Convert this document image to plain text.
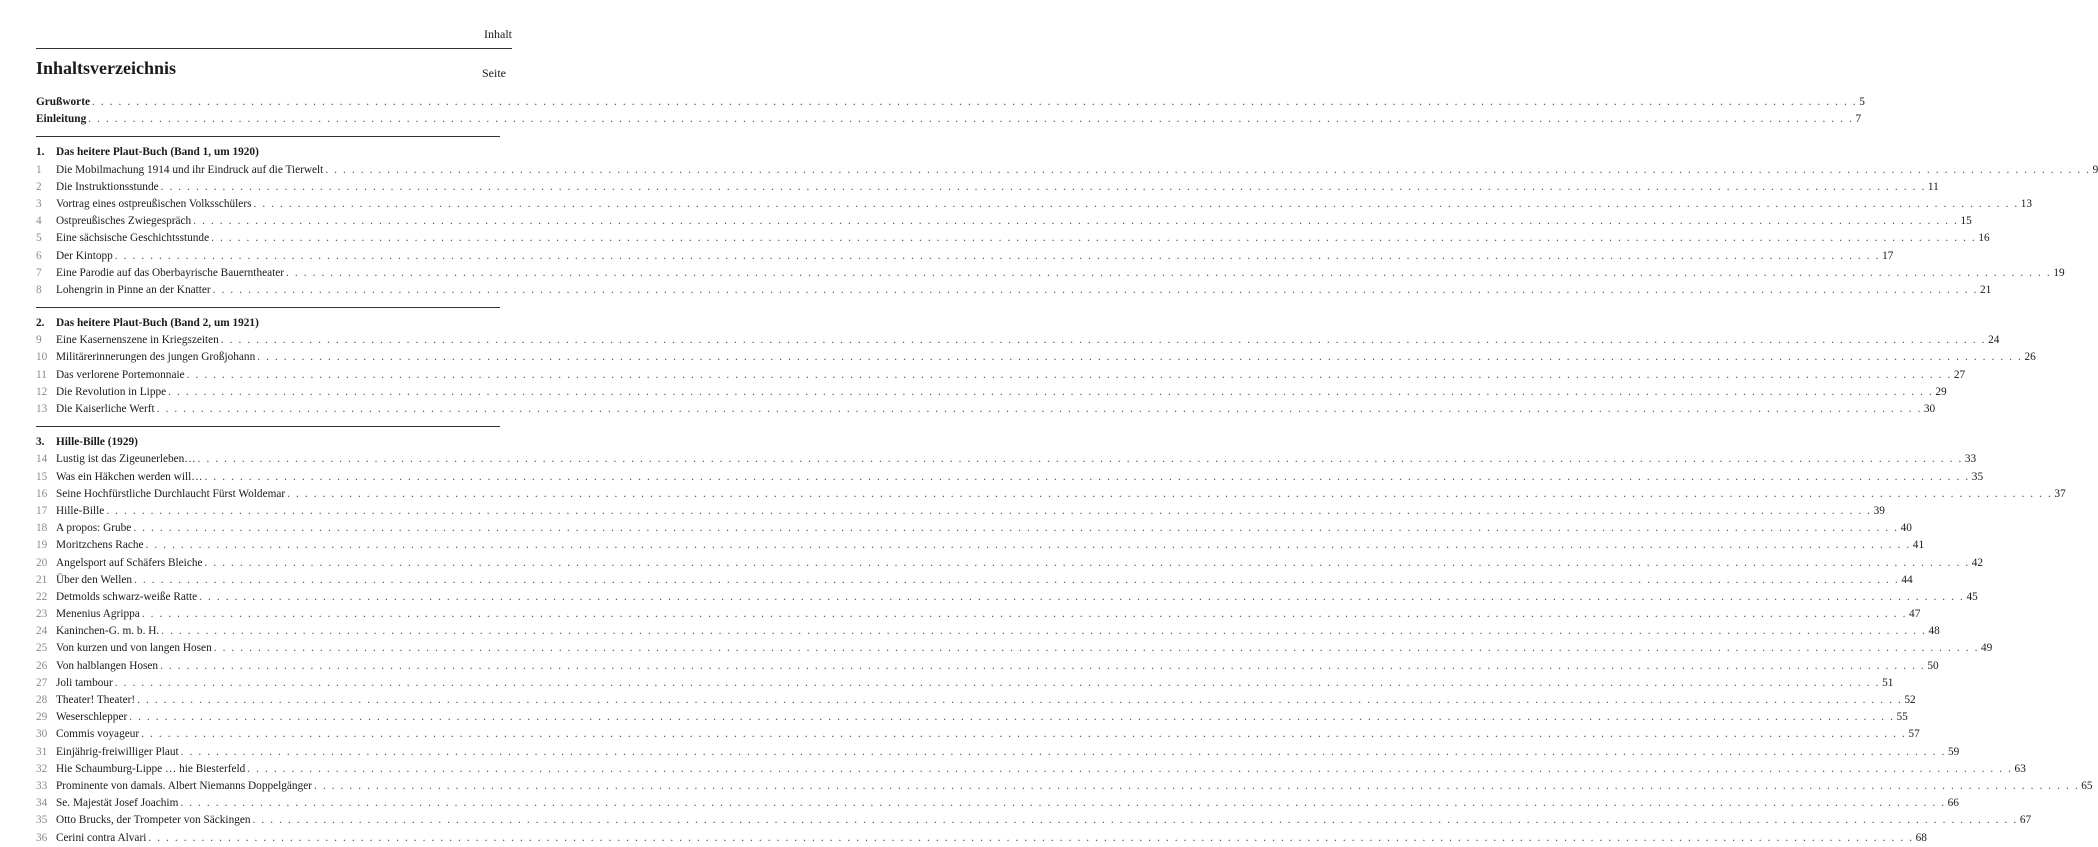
Inhalt
Inhaltsverzeichnis	Seite
Grußworte . . . . . . . . . . . . . . . . . . . . . . . . . . . . . . . . . . . . . . . . . . . . . . . . . . . . . . . . . . . . . . . . . . . . . . . . . . . . . . . . . . . . . . . . . . . . . . . . . . . . . . . . . . . . . . . . . . . . . . . . . . . . . . . . . . . . . . . . . . . . . . . . . . . . . . . . . . . . . . . . . . . . . . . . . . . . . . . . . . . . . . . . . . . . . . . . . . . . . . . . 5
Einleitung . . . . . . . . . . . . . . . . . . . . . . . . . . . . . . . . . . . . . . . . . . . . . . . . . . . . . . . . . . . . . . . . . . . . . . . . . . . . . . . . . . . . . . . . . . . . . . . . . . . . . . . . . . . . . . . . . . . . . . . . . . . . . . . . . . . . . . . . . . . . . . . . . . . . . . . . . . . . . . . . . . . . . . . . . . . . . . . . . . . . . . . . . . . . . . . . . . . . . . . . 7
1.	Das heitere Plaut-Buch (Band 1, um 1920)
1	Die Mobilmachung 1914 und ihr Eindruck auf die Tierwelt . . . . . . . . . . . . . . . . . . . . . . . . . . . . . . . . . . . . . . . . . . . . . . . . . . . . . . . . . . . . . . . . . . . . . . . . . . . . . . . . . . . . . . . . . . . . . . . . . . . . . . . . . . . . . . . . . . . . . . . . . . . . . . . . . . . . . . . . . . . . . . . . . . . . . . . . . . . . . . . . . . . . . . . . . . . . . . . . . . . . . . . . . . . . . . . . . . . . . . . . 9
2	Die Instruktionsstunde . . . . . . . . . . . . . . . . . . . . . . . . . . . . . . . . . . . . . . . . . . . . . . . . . . . . . . . . . . . . . . . . . . . . . . . . . . . . . . . . . . . . . . . . . . . . . . . . . . . . . . . . . . . . . . . . . . . . . . . . . . . . . . . . . . . . . . . . . . . . . . . . . . . . . . . . . . . . . . . . . . . . . . . . . . . . . . . . . . . . . . . . . . . . . . . . . . . . . . . . 11
3	Vortrag eines ostpreußischen Volksschülers . . . . . . . . . . . . . . . . . . . . . . . . . . . . . . . . . . . . . . . . . . . . . . . . . . . . . . . . . . . . . . . . . . . . . . . . . . . . . . . . . . . . . . . . . . . . . . . . . . . . . . . . . . . . . . . . . . . . . . . . . . . . . . . . . . . . . . . . . . . . . . . . . . . . . . . . . . . . . . . . . . . . . . . . . . . . . . . . . . . . . . . . . . . . . . . . . . . . . . . . 13
4	Ostpreußisches Zwiegespräch . . . . . . . . . . . . . . . . . . . . . . . . . . . . . . . . . . . . . . . . . . . . . . . . . . . . . . . . . . . . . . . . . . . . . . . . . . . . . . . . . . . . . . . . . . . . . . . . . . . . . . . . . . . . . . . . . . . . . . . . . . . . . . . . . . . . . . . . . . . . . . . . . . . . . . . . . . . . . . . . . . . . . . . . . . . . . . . . . . . . . . . . . . . . . . . . . . . . . . . . 15
5	Eine sächsische Geschichtsstunde . . . . . . . . . . . . . . . . . . . . . . . . . . . . . . . . . . . . . . . . . . . . . . . . . . . . . . . . . . . . . . . . . . . . . . . . . . . . . . . . . . . . . . . . . . . . . . . . . . . . . . . . . . . . . . . . . . . . . . . . . . . . . . . . . . . . . . . . . . . . . . . . . . . . . . . . . . . . . . . . . . . . . . . . . . . . . . . . . . . . . . . . . . . . . . . . . . . . . . . . 16
6	Der Kintopp . . . . . . . . . . . . . . . . . . . . . . . . . . . . . . . . . . . . . . . . . . . . . . . . . . . . . . . . . . . . . . . . . . . . . . . . . . . . . . . . . . . . . . . . . . . . . . . . . . . . . . . . . . . . . . . . . . . . . . . . . . . . . . . . . . . . . . . . . . . . . . . . . . . . . . . . . . . . . . . . . . . . . . . . . . . . . . . . . . . . . . . . . . . . . . . . . . . . . . . . 17
7	Eine Parodie auf das Oberbayrische Bauerntheater . . . . . . . . . . . . . . . . . . . . . . . . . . . . . . . . . . . . . . . . . . . . . . . . . . . . . . . . . . . . . . . . . . . . . . . . . . . . . . . . . . . . . . . . . . . . . . . . . . . . . . . . . . . . . . . . . . . . . . . . . . . . . . . . . . . . . . . . . . . . . . . . . . . . . . . . . . . . . . . . . . . . . . . . . . . . . . . . . . . . . . . . . . . . . . . . . . . . . . . . 19
8	Lohengrin in Pinne an der Knatter . . . . . . . . . . . . . . . . . . . . . . . . . . . . . . . . . . . . . . . . . . . . . . . . . . . . . . . . . . . . . . . . . . . . . . . . . . . . . . . . . . . . . . . . . . . . . . . . . . . . . . . . . . . . . . . . . . . . . . . . . . . . . . . . . . . . . . . . . . . . . . . . . . . . . . . . . . . . . . . . . . . . . . . . . . . . . . . . . . . . . . . . . . . . . . . . . . . . . . . . 21
2.	Das heitere Plaut-Buch (Band 2, um 1921)
9	Eine Kasernenszene in Kriegszeiten . . . . . . . . . . . . . . . . . . . . . . . . . . . . . . . . . . . . . . . . . . . . . . . . . . . . . . . . . . . . . . . . . . . . . . . . . . . . . . . . . . . . . . . . . . . . . . . . . . . . . . . . . . . . . . . . . . . . . . . . . . . . . . . . . . . . . . . . . . . . . . . . . . . . . . . . . . . . . . . . . . . . . . . . . . . . . . . . . . . . . . . . . . . . . . . . . . . . . . . . 24
10 Militärerinnerungen des jungen Großjohann . . . . . . . . . . . . . . . . . . . . . . . . . . . . . . . . . . . . . . . . . . . . . . . . . . . . . . . . . . . . . . . . . . . . . . . . . . . . . . . . . . . . . . . . . . . . . . . . . . . . . . . . . . . . . . . . . . . . . . . . . . . . . . . . . . . . . . . . . . . . . . . . . . . . . . . . . . . . . . . . . . . . . . . . . . . . . . . . . . . . . . . . . . . . . . . . . . . . . . . . 26
11 Das verlorene Portemonnaie . . . . . . . . . . . . . . . . . . . . . . . . . . . . . . . . . . . . . . . . . . . . . . . . . . . . . . . . . . . . . . . . . . . . . . . . . . . . . . . . . . . . . . . . . . . . . . . . . . . . . . . . . . . . . . . . . . . . . . . . . . . . . . . . . . . . . . . . . . . . . . . . . . . . . . . . . . . . . . . . . . . . . . . . . . . . . . . . . . . . . . . . . . . . . . . . . . . . . . . . 27
12 Die Revolution in Lippe . . . . . . . . . . . . . . . . . . . . . . . . . . . . . . . . . . . . . . . . . . . . . . . . . . . . . . . . . . . . . . . . . . . . . . . . . . . . . . . . . . . . . . . . . . . . . . . . . . . . . . . . . . . . . . . . . . . . . . . . . . . . . . . . . . . . . . . . . . . . . . . . . . . . . . . . . . . . . . . . . . . . . . . . . . . . . . . . . . . . . . . . . . . . . . . . . . . . . . . . 29
13 Die Kaiserliche Werft . . . . . . . . . . . . . . . . . . . . . . . . . . . . . . . . . . . . . . . . . . . . . . . . . . . . . . . . . . . . . . . . . . . . . . . . . . . . . . . . . . . . . . . . . . . . . . . . . . . . . . . . . . . . . . . . . . . . . . . . . . . . . . . . . . . . . . . . . . . . . . . . . . . . . . . . . . . . . . . . . . . . . . . . . . . . . . . . . . . . . . . . . . . . . . . . . . . . . . . . 30
3.	Hille-Bille (1929)
14 Lustig ist das Zigeunerleben… . . . . . . . . . . . . . . . . . . . . . . . . . . . . . . . . . . . . . . . . . . . . . . . . . . . . . . . . . . . . . . . . . . . . . . . . . . . . . . . . . . . . . . . . . . . . . . . . . . . . . . . . . . . . . . . . . . . . . . . . . . . . . . . . . . . . . . . . . . . . . . . . . . . . . . . . . . . . . . . . . . . . . . . . . . . . . . . . . . . . . . . . . . . . . . . . . . . . . . . . 33
15 Was ein Häkchen werden will… . . . . . . . . . . . . . . . . . . . . . . . . . . . . . . . . . . . . . . . . . . . . . . . . . . . . . . . . . . . . . . . . . . . . . . . . . . . . . . . . . . . . . . . . . . . . . . . . . . . . . . . . . . . . . . . . . . . . . . . . . . . . . . . . . . . . . . . . . . . . . . . . . . . . . . . . . . . . . . . . . . . . . . . . . . . . . . . . . . . . . . . . . . . . . . . . . . . . . . . . 35
16 Seine Hochfürstliche Durchlaucht Fürst Woldemar . . . . . . . . . . . . . . . . . . . . . . . . . . . . . . . . . . . . . . . . . . . . . . . . . . . . . . . . . . . . . . . . . . . . . . . . . . . . . . . . . . . . . . . . . . . . . . . . . . . . . . . . . . . . . . . . . . . . . . . . . . . . . . . . . . . . . . . . . . . . . . . . . . . . . . . . . . . . . . . . . . . . . . . . . . . . . . . . . . . . . . . . . . . . . . . . . . . . . . . . 37
17 Hille-Bille . . . . . . . . . . . . . . . . . . . . . . . . . . . . . . . . . . . . . . . . . . . . . . . . . . . . . . . . . . . . . . . . . . . . . . . . . . . . . . . . . . . . . . . . . . . . . . . . . . . . . . . . . . . . . . . . . . . . . . . . . . . . . . . . . . . . . . . . . . . . . . . . . . . . . . . . . . . . . . . . . . . . . . . . . . . . . . . . . . . . . . . . . . . . . . . . . . . . . . . . 39
18 A propos: Grube . . . . . . . . . . . . . . . . . . . . . . . . . . . . . . . . . . . . . . . . . . . . . . . . . . . . . . . . . . . . . . . . . . . . . . . . . . . . . . . . . . . . . . . . . . . . . . . . . . . . . . . . . . . . . . . . . . . . . . . . . . . . . . . . . . . . . . . . . . . . . . . . . . . . . . . . . . . . . . . . . . . . . . . . . . . . . . . . . . . . . . . . . . . . . . . . . . . . . . . . 40
19 Moritzchens Rache . . . . . . . . . . . . . . . . . . . . . . . . . . . . . . . . . . . . . . . . . . . . . . . . . . . . . . . . . . . . . . . . . . . . . . . . . . . . . . . . . . . . . . . . . . . . . . . . . . . . . . . . . . . . . . . . . . . . . . . . . . . . . . . . . . . . . . . . . . . . . . . . . . . . . . . . . . . . . . . . . . . . . . . . . . . . . . . . . . . . . . . . . . . . . . . . . . . . . . . . 41
20 Angelsport auf Schäfers Bleiche . . . . . . . . . . . . . . . . . . . . . . . . . . . . . . . . . . . . . . . . . . . . . . . . . . . . . . . . . . . . . . . . . . . . . . . . . . . . . . . . . . . . . . . . . . . . . . . . . . . . . . . . . . . . . . . . . . . . . . . . . . . . . . . . . . . . . . . . . . . . . . . . . . . . . . . . . . . . . . . . . . . . . . . . . . . . . . . . . . . . . . . . . . . . . . . . . . . . . . . . 42
21 Über den Wellen . . . . . . . . . . . . . . . . . . . . . . . . . . . . . . . . . . . . . . . . . . . . . . . . . . . . . . . . . . . . . . . . . . . . . . . . . . . . . . . . . . . . . . . . . . . . . . . . . . . . . . . . . . . . . . . . . . . . . . . . . . . . . . . . . . . . . . . . . . . . . . . . . . . . . . . . . . . . . . . . . . . . . . . . . . . . . . . . . . . . . . . . . . . . . . . . . . . . . . . . 44
22 Detmolds schwarz-weiße Ratte . . . . . . . . . . . . . . . . . . . . . . . . . . . . . . . . . . . . . . . . . . . . . . . . . . . . . . . . . . . . . . . . . . . . . . . . . . . . . . . . . . . . . . . . . . . . . . . . . . . . . . . . . . . . . . . . . . . . . . . . . . . . . . . . . . . . . . . . . . . . . . . . . . . . . . . . . . . . . . . . . . . . . . . . . . . . . . . . . . . . . . . . . . . . . . . . . . . . . . . . 45
23 Menenius Agrippa . . . . . . . . . . . . . . . . . . . . . . . . . . . . . . . . . . . . . . . . . . . . . . . . . . . . . . . . . . . . . . . . . . . . . . . . . . . . . . . . . . . . . . . . . . . . . . . . . . . . . . . . . . . . . . . . . . . . . . . . . . . . . . . . . . . . . . . . . . . . . . . . . . . . . . . . . . . . . . . . . . . . . . . . . . . . . . . . . . . . . . . . . . . . . . . . . . . . . . . . 47
24 Kaninchen-G. m. b. H. . . . . . . . . . . . . . . . . . . . . . . . . . . . . . . . . . . . . . . . . . . . . . . . . . . . . . . . . . . . . . . . . . . . . . . . . . . . . . . . . . . . . . . . . . . . . . . . . . . . . . . . . . . . . . . . . . . . . . . . . . . . . . . . . . . . . . . . . . . . . . . . . . . . . . . . . . . . . . . . . . . . . . . . . . . . . . . . . . . . . . . . . . . . . . . . . . . . . . . . . 48
25 Von kurzen und von langen Hosen . . . . . . . . . . . . . . . . . . . . . . . . . . . . . . . . . . . . . . . . . . . . . . . . . . . . . . . . . . . . . . . . . . . . . . . . . . . . . . . . . . . . . . . . . . . . . . . . . . . . . . . . . . . . . . . . . . . . . . . . . . . . . . . . . . . . . . . . . . . . . . . . . . . . . . . . . . . . . . . . . . . . . . . . . . . . . . . . . . . . . . . . . . . . . . . . . . . . . . . . 49
26 Von halblangen Hosen . . . . . . . . . . . . . . . . . . . . . . . . . . . . . . . . . . . . . . . . . . . . . . . . . . . . . . . . . . . . . . . . . . . . . . . . . . . . . . . . . . . . . . . . . . . . . . . . . . . . . . . . . . . . . . . . . . . . . . . . . . . . . . . . . . . . . . . . . . . . . . . . . . . . . . . . . . . . . . . . . . . . . . . . . . . . . . . . . . . . . . . . . . . . . . . . . . . . . . . . 50
27 Joli tambour . . . . . . . . . . . . . . . . . . . . . . . . . . . . . . . . . . . . . . . . . . . . . . . . . . . . . . . . . . . . . . . . . . . . . . . . . . . . . . . . . . . . . . . . . . . . . . . . . . . . . . . . . . . . . . . . . . . . . . . . . . . . . . . . . . . . . . . . . . . . . . . . . . . . . . . . . . . . . . . . . . . . . . . . . . . . . . . . . . . . . . . . . . . . . . . . . . . . . . . . 51
28 Theater! Theater! . . . . . . . . . . . . . . . . . . . . . . . . . . . . . . . . . . . . . . . . . . . . . . . . . . . . . . . . . . . . . . . . . . . . . . . . . . . . . . . . . . . . . . . . . . . . . . . . . . . . . . . . . . . . . . . . . . . . . . . . . . . . . . . . . . . . . . . . . . . . . . . . . . . . . . . . . . . . . . . . . . . . . . . . . . . . . . . . . . . . . . . . . . . . . . . . . . . . . . . . 52
29 Weserschlepper . . . . . . . . . . . . . . . . . . . . . . . . . . . . . . . . . . . . . . . . . . . . . . . . . . . . . . . . . . . . . . . . . . . . . . . . . . . . . . . . . . . . . . . . . . . . . . . . . . . . . . . . . . . . . . . . . . . . . . . . . . . . . . . . . . . . . . . . . . . . . . . . . . . . . . . . . . . . . . . . . . . . . . . . . . . . . . . . . . . . . . . . . . . . . . . . . . . . . . . . 55
30 Commis voyageur . . . . . . . . . . . . . . . . . . . . . . . . . . . . . . . . . . . . . . . . . . . . . . . . . . . . . . . . . . . . . . . . . . . . . . . . . . . . . . . . . . . . . . . . . . . . . . . . . . . . . . . . . . . . . . . . . . . . . . . . . . . . . . . . . . . . . . . . . . . . . . . . . . . . . . . . . . . . . . . . . . . . . . . . . . . . . . . . . . . . . . . . . . . . . . . . . . . . . . . . 57
31 Einjährig-freiwilliger Plaut . . . . . . . . . . . . . . . . . . . . . . . . . . . . . . . . . . . . . . . . . . . . . . . . . . . . . . . . . . . . . . . . . . . . . . . . . . . . . . . . . . . . . . . . . . . . . . . . . . . . . . . . . . . . . . . . . . . . . . . . . . . . . . . . . . . . . . . . . . . . . . . . . . . . . . . . . . . . . . . . . . . . . . . . . . . . . . . . . . . . . . . . . . . . . . . . . . . . . . . . 59
32 Hie Schaumburg-Lippe … hie Biesterfeld . . . . . . . . . . . . . . . . . . . . . . . . . . . . . . . . . . . . . . . . . . . . . . . . . . . . . . . . . . . . . . . . . . . . . . . . . . . . . . . . . . . . . . . . . . . . . . . . . . . . . . . . . . . . . . . . . . . . . . . . . . . . . . . . . . . . . . . . . . . . . . . . . . . . . . . . . . . . . . . . . . . . . . . . . . . . . . . . . . . . . . . . . . . . . . . . . . . . . . . . 63
33 Prominente von damals. Albert Niemanns Doppelgänger . . . . . . . . . . . . . . . . . . . . . . . . . . . . . . . . . . . . . . . . . . . . . . . . . . . . . . . . . . . . . . . . . . . . . . . . . . . . . . . . . . . . . . . . . . . . . . . . . . . . . . . . . . . . . . . . . . . . . . . . . . . . . . . . . . . . . . . . . . . . . . . . . . . . . . . . . . . . . . . . . . . . . . . . . . . . . . . . . . . . . . . . . . . . . . . . . . . . . . . . 65
34 Se. Majestät Josef Joachim . . . . . . . . . . . . . . . . . . . . . . . . . . . . . . . . . . . . . . . . . . . . . . . . . . . . . . . . . . . . . . . . . . . . . . . . . . . . . . . . . . . . . . . . . . . . . . . . . . . . . . . . . . . . . . . . . . . . . . . . . . . . . . . . . . . . . . . . . . . . . . . . . . . . . . . . . . . . . . . . . . . . . . . . . . . . . . . . . . . . . . . . . . . . . . . . . . . . . . . . 66
35 Otto Brucks, der Trompeter von Säckingen . . . . . . . . . . . . . . . . . . . . . . . . . . . . . . . . . . . . . . . . . . . . . . . . . . . . . . . . . . . . . . . . . . . . . . . . . . . . . . . . . . . . . . . . . . . . . . . . . . . . . . . . . . . . . . . . . . . . . . . . . . . . . . . . . . . . . . . . . . . . . . . . . . . . . . . . . . . . . . . . . . . . . . . . . . . . . . . . . . . . . . . . . . . . . . . . . . . . . . . . 67
36 Cerini contra Alvari . . . . . . . . . . . . . . . . . . . . . . . . . . . . . . . . . . . . . . . . . . . . . . . . . . . . . . . . . . . . . . . . . . . . . . . . . . . . . . . . . . . . . . . . . . . . . . . . . . . . . . . . . . . . . . . . . . . . . . . . . . . . . . . . . . . . . . . . . . . . . . . . . . . . . . . . . . . . . . . . . . . . . . . . . . . . . . . . . . . . . . . . . . . . . . . . . . . . . . . . 68
